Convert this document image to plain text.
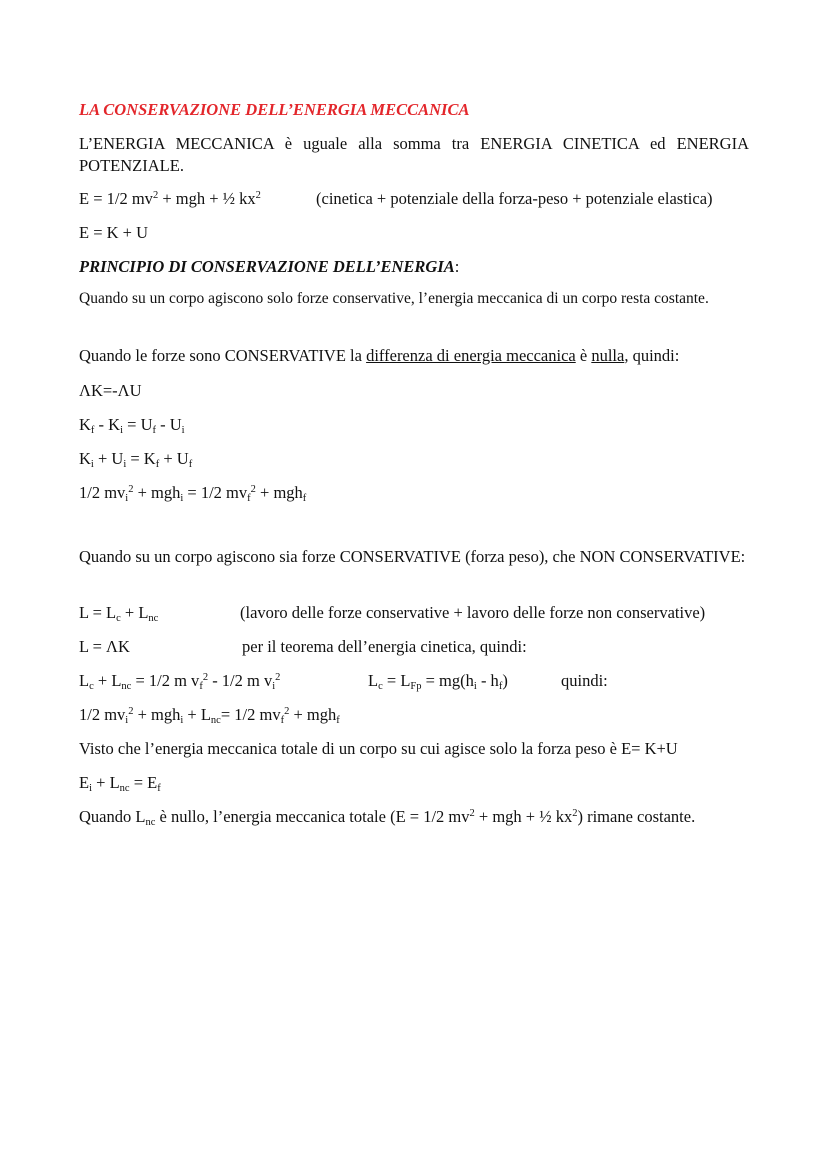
LA CONSERVAZIONE DELL’ENERGIA MECCANICA
L’ENERGIA MECCANICA è uguale alla somma tra ENERGIA CINETICA ed ENERGIA POTENZIALE.
E = 1/2 $mv^2$ + mgh + ½ $kx^2$	(cinetica + potenziale della forza-peso + potenziale elastica)
E = K + U
PRINCIPIO DI CONSERVAZIONE DELL’ENERGIA:
Quando su un corpo agiscono solo forze conservative, l’energia meccanica di un corpo resta costante.
Quando le forze sono CONSERVATIVE la differenza di energia meccanica è nulla, quindi:
ΛK=-ΛU
$K_f - K_i = U_f - U_i$
$K_i + U_i = K_f + U_f$
1/2 $mv_i^2 + mgh_i = 1/2$ $mv_f^2 + mgh_f$
Quando su un corpo agiscono sia forze CONSERVATIVE (forza peso), che NON CONSERVATIVE:
$L = L_c + L_{nc}$	(lavoro delle forze conservative + lavoro delle forze non conservative)
L = ΛK	per il teorema dell’energia cinetica, quindi:
$L_c + L_{nc} = 1/2$ m $v_f^2 - 1/2$ m $v_i^2$	$L_c = L_{Fp} = mg(h_i - h_f)$	quindi:
1/2 $mv_i^2 + mgh_i + L_{nc}= 1/2$ $mv_f^2 + mgh_f$
Visto che l’energia meccanica totale di un corpo su cui agisce solo la forza peso è E= K+U
$E_i + L_{nc} = E_f$
Quando $L_{nc}$ è nullo, l’energia meccanica totale (E = 1/2 $mv^2$ + mgh + ½ $kx^2$) rimane costante.
